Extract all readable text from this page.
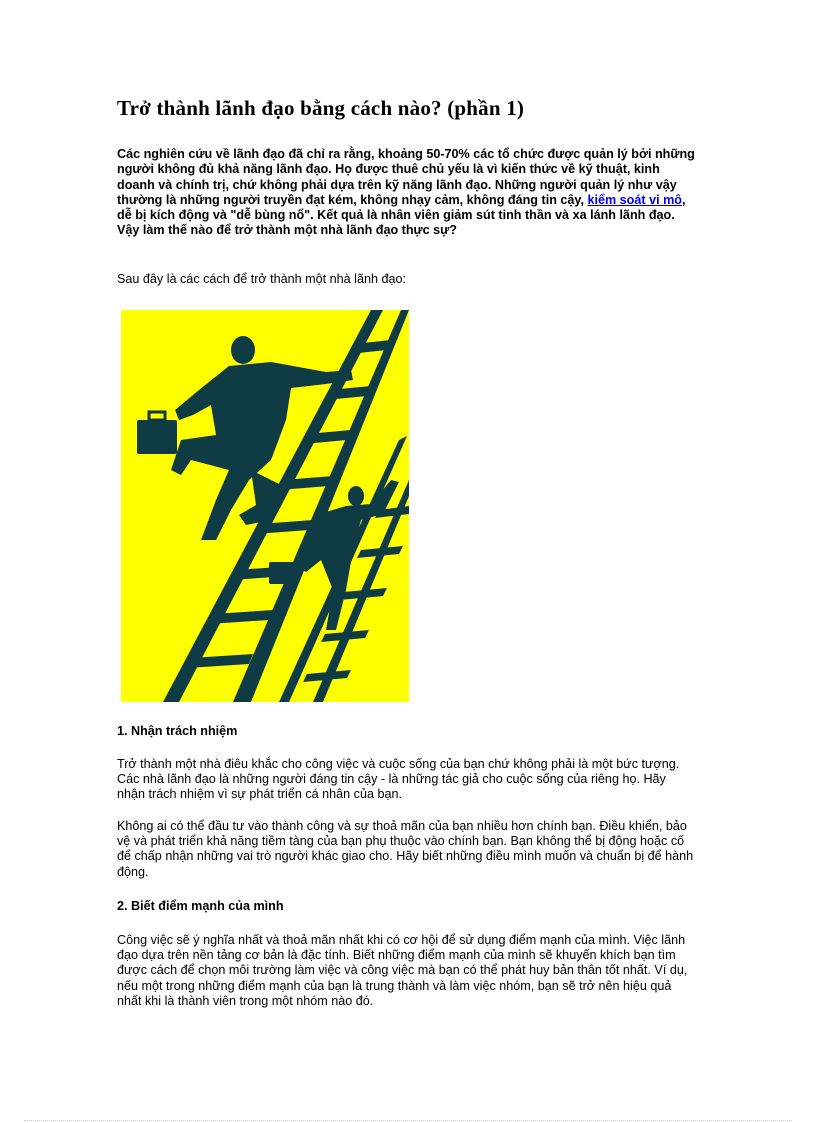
Trở thành lãnh đạo bằng cách nào? (phần 1)

Các nghiên cứu về lãnh đạo đã chỉ ra rằng, khoảng 50-70% các tổ chức được quản lý bởi những người không đủ khả năng lãnh đạo. Họ được thuê chủ yếu là vì kiến thức về kỹ thuật, kinh doanh và chính trị, chứ không phải dựa trên kỹ năng lãnh đạo. Những người quản lý như vậy thường là những người truyền đạt kém, không nhạy cảm, không đáng tin cậy, kiểm soát vi mô, dễ bị kích động và "dễ bùng nổ". Kết quả là nhân viên giảm sút tinh thần và xa lánh lãnh đạo. Vậy làm thế nào để trở thành một nhà lãnh đạo thực sự?

Sau đây là các cách để trở thành một nhà lãnh đạo:

1. Nhận trách nhiệm

Trở thành một nhà điêu khắc cho công việc và cuộc sống của bạn chứ không phải là một bức tượng. Các nhà lãnh đạo là những người đáng tin cậy - là những tác giả cho cuộc sống của riêng họ. Hãy nhận trách nhiệm vì sự phát triển cá nhân của bạn.

Không ai có thể đầu tư vào thành công và sự thoả mãn của bạn nhiều hơn chính bạn. Điều khiển, bảo vệ và phát triển khả năng tiềm tàng của bạn phụ thuộc vào chính bạn. Bạn không thể bị động hoặc cố để chấp nhận những vai trò người khác giao cho. Hãy biết những điều mình muốn và chuẩn bị để hành động.

2. Biết điểm mạnh của mình

Công việc sẽ ý nghĩa nhất và thoả mãn nhất khi có cơ hội để sử dụng điểm mạnh của mình. Việc lãnh đạo dựa trên nền tảng cơ bản là đặc tính. Biết những điểm mạnh của mình sẽ khuyến khích bạn tìm được cách để chọn môi trường làm việc và công việc mà bạn có thể phát huy bản thân tốt nhất. Ví dụ, nếu một trong những điểm mạnh của bạn là trung thành và làm việc nhóm, bạn sẽ trở nên hiệu quả nhất khi là thành viên trong một nhóm nào đó.
